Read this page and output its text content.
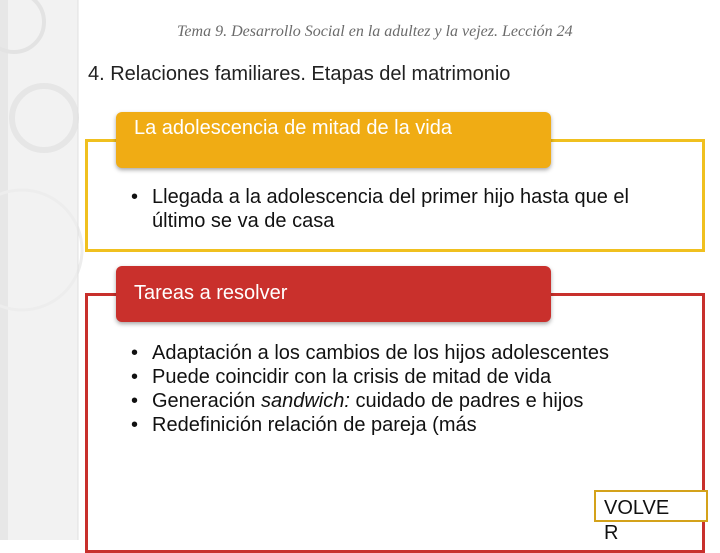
Tema 9. Desarrollo Social en la adultez y la vejez. Lección 24
4. Relaciones familiares. Etapas del matrimonio
La adolescencia de mitad de la vida
• Llegada a la adolescencia del primer hijo hasta que el último se va de casa
Tareas a resolver
• Adaptación a los cambios de los hijos adolescentes
• Puede coincidir con la crisis de mitad de vida
• Generación sandwich: cuidado de padres e hijos
• Redefinición relación de pareja (más
VOLVE
R
